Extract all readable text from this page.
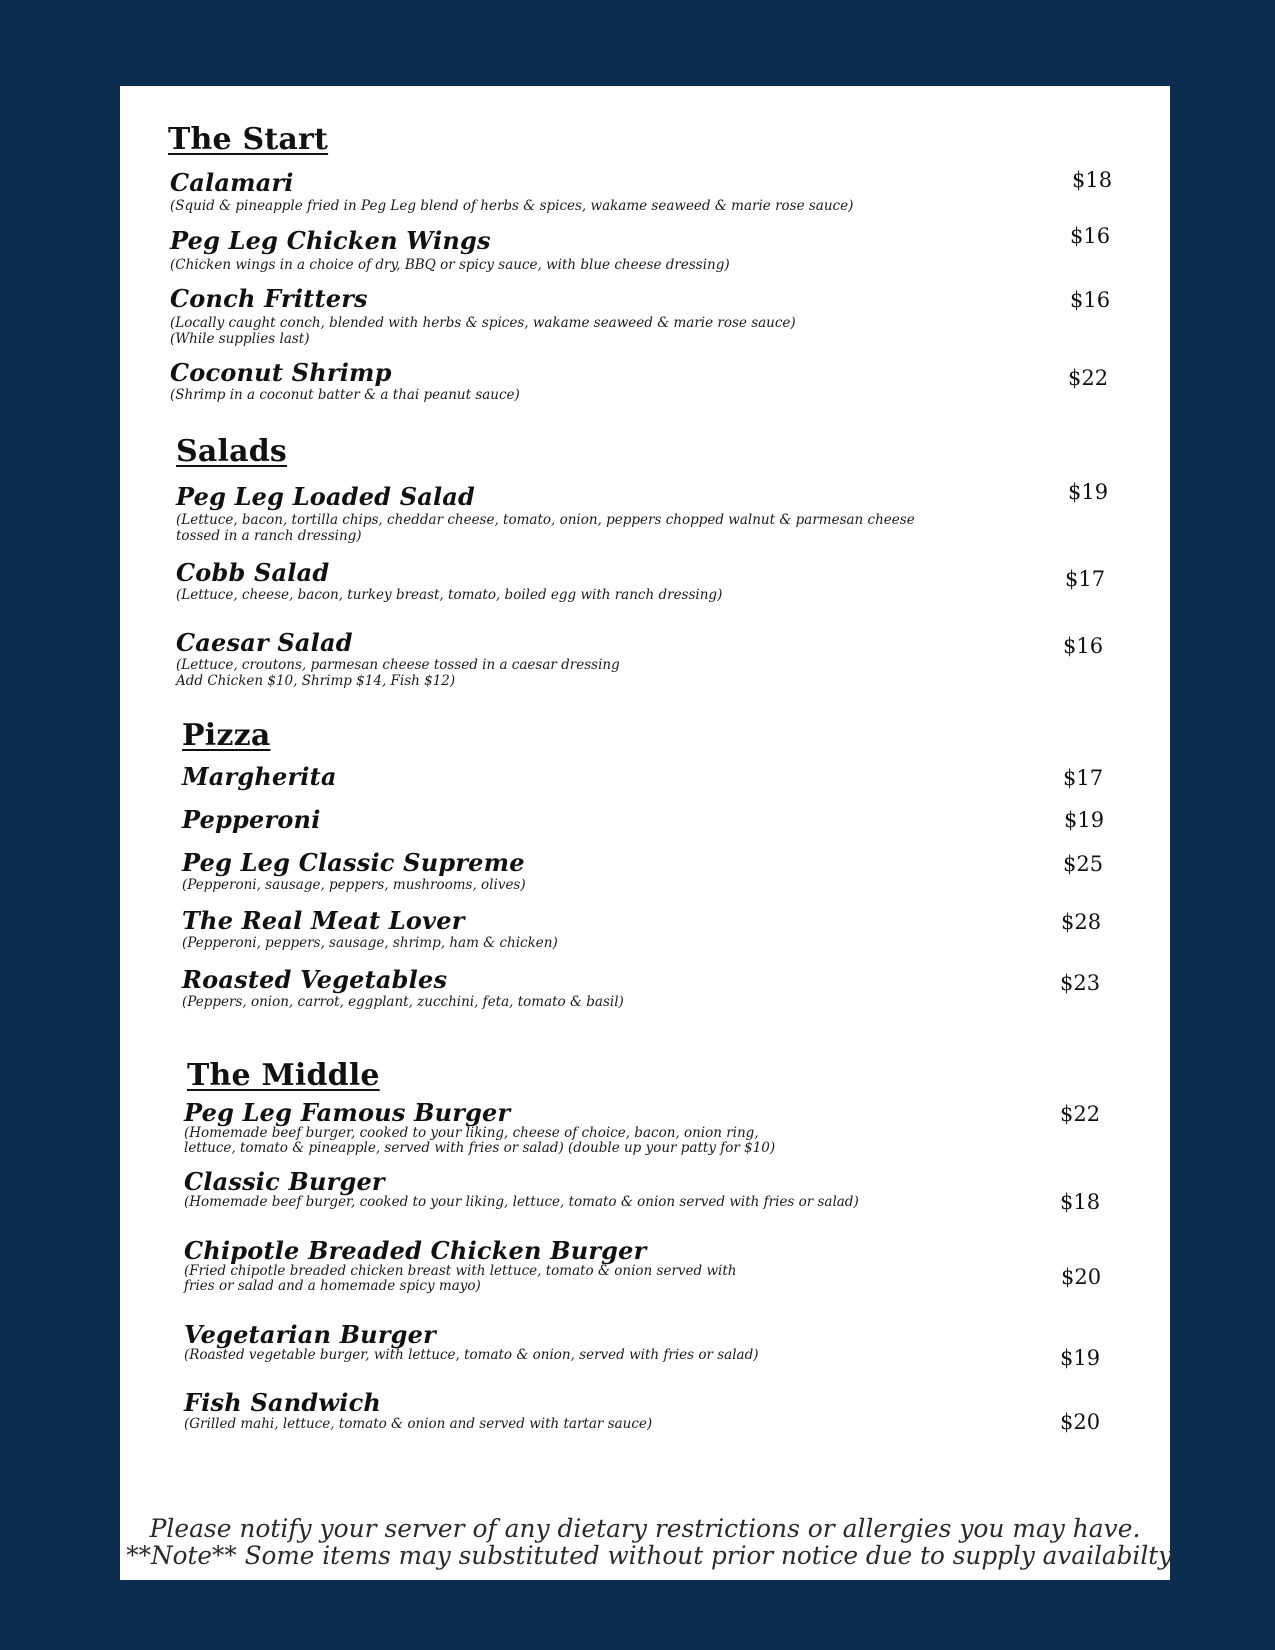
The Start
Calamari
(Squid & pineapple fried in Peg Leg blend of herbs & spices, wakame seaweed & marie rose sauce)
$18
Peg Leg Chicken Wings
(Chicken wings in a choice of dry, BBQ or spicy sauce, with blue cheese dressing)
$16
Conch Fritters
(Locally caught conch, blended with herbs & spices, wakame seaweed & marie rose sauce)
(While supplies last)
$16
Coconut Shrimp
(Shrimp in a coconut batter & a thai peanut sauce)
$22
Salads
Peg Leg Loaded Salad
(Lettuce, bacon, tortilla chips, cheddar cheese, tomato, onion, peppers chopped walnut & parmesan cheese
tossed in a ranch dressing)
$19
Cobb Salad
(Lettuce, cheese, bacon, turkey breast, tomato, boiled egg with ranch dressing)
$17
Caesar Salad
(Lettuce, croutons, parmesan cheese tossed in a caesar dressing
Add Chicken $10, Shrimp $14, Fish $12)
$16
Pizza
Margherita	$17
Pepperoni	$19
Peg Leg Classic Supreme
(Pepperoni, sausage, peppers, mushrooms, olives)
$25
The Real Meat Lover
(Pepperoni, peppers, sausage, shrimp, ham & chicken)
$28
Roasted Vegetables
(Peppers, onion, carrot, eggplant, zucchini, feta, tomato & basil)
$23
The Middle
Peg Leg Famous Burger
(Homemade beef burger, cooked to your liking, cheese of choice, bacon, onion ring,
lettuce, tomato & pineapple, served with fries or salad) (double up your patty for $10)
$22
Classic Burger
(Homemade beef burger, cooked to your liking, lettuce, tomato & onion served with fries or salad)	$18
Chipotle Breaded Chicken Burger
(Fried chipotle breaded chicken breast with lettuce, tomato & onion served with
fries or salad and a homemade spicy mayo)	$20
Vegetarian Burger
(Roasted vegetable burger, with lettuce, tomato & onion, served with fries or salad)	$19
Fish Sandwich
(Grilled mahi, lettuce, tomato & onion and served with tartar sauce)	$20
Please notify your server of any dietary restrictions or allergies you may have.
**Note** Some items may substituted without prior notice due to supply availabilty
